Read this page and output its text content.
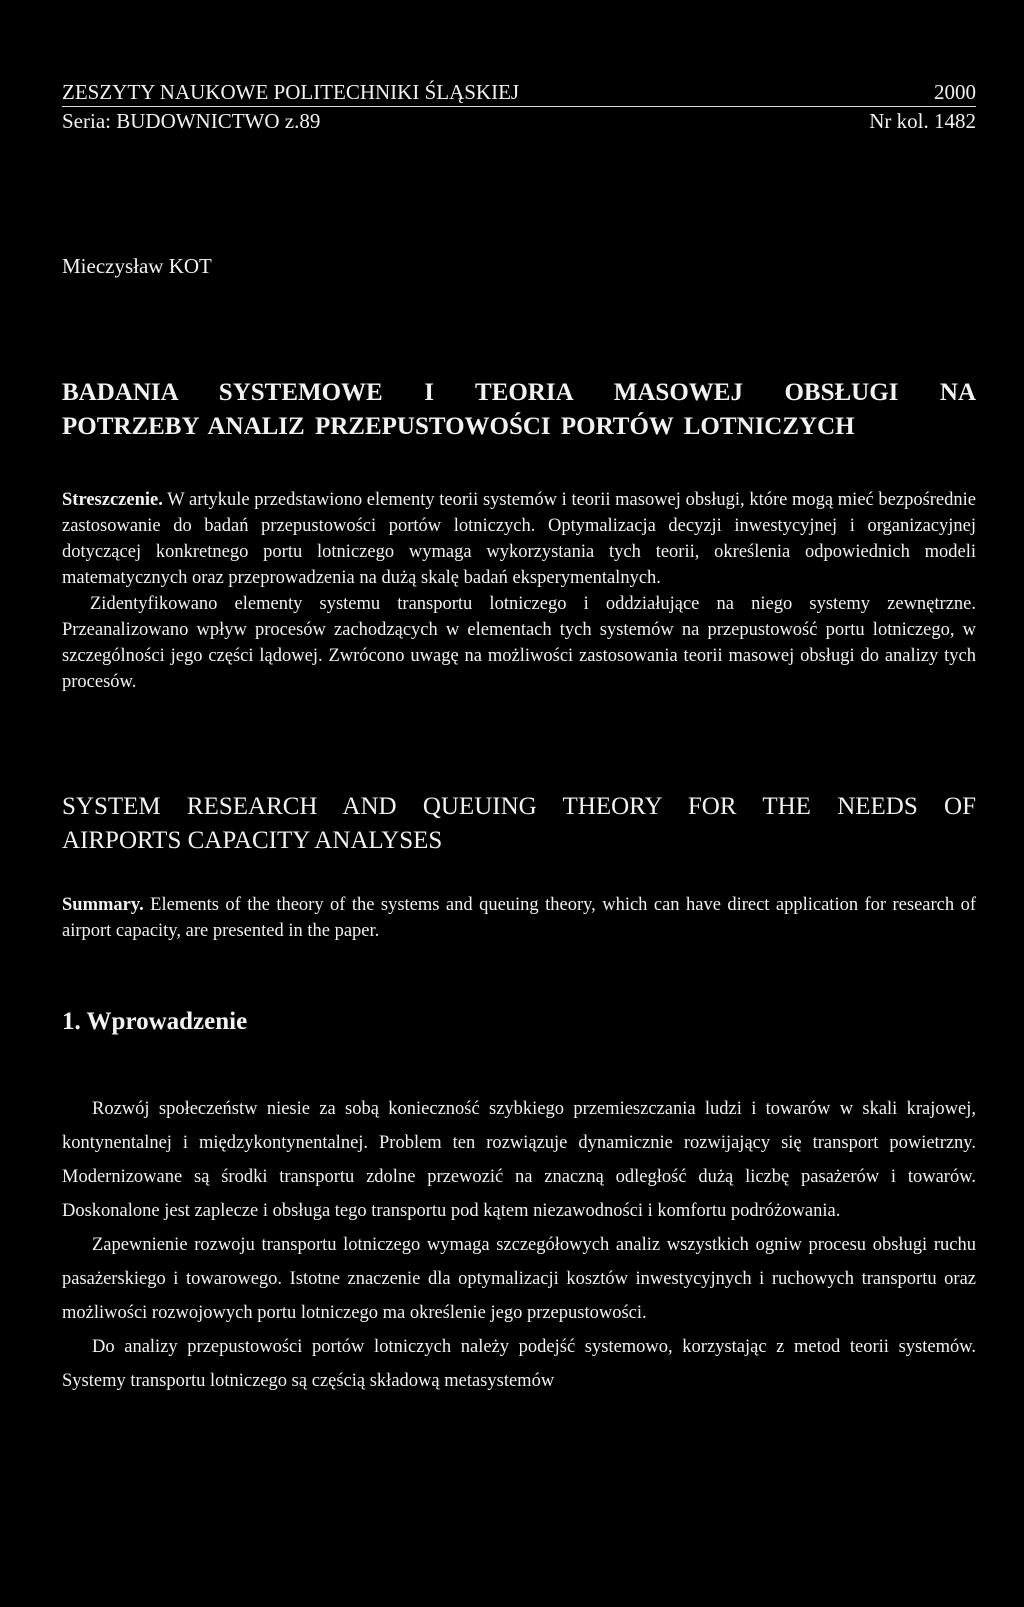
ZESZYTY NAUKOWE POLITECHNIKI ŚLĄSKIEJ	2000
Seria: BUDOWNICTWO z.89	Nr kol. 1482
Mieczysław KOT
BADANIA SYSTEMOWE I TEORIA MASOWEJ OBSŁUGI NA
POTRZEBY ANALIZ PRZEPUSTOWOŚCI PORTÓW LOTNICZYCH

Streszczenie. W artykule przedstawiono elementy teorii systemów i teorii masowej obsługi, które mogą mieć bezpośrednie zastosowanie do badań przepustowości portów lotniczych. Optymalizacja decyzji inwestycyjnej i organizacyjnej dotyczącej konkretnego portu lotniczego wymaga wykorzystania tych teorii, określenia odpowiednich modeli matematycznych oraz przeprowadzenia na dużą skalę badań eksperymentalnych.

Zidentyfikowano elementy systemu transportu lotniczego i oddziałujące na niego systemy zewnętrzne. Przeanalizowano wpływ procesów zachodzących w elementach tych systemów na przepustowość portu lotniczego, w szczególności jego części lądowej. Zwrócono uwagę na możliwości zastosowania teorii masowej obsługi do analizy tych procesów.

SYSTEM RESEARCH AND QUEUING THEORY FOR THE NEEDS OF
AIRPORTS CAPACITY ANALYSES

Summary. Elements of the theory of the systems and queuing theory, which can have direct application for research of airport capacity, are presented in the paper.

1. Wprowadzenie

Rozwój społeczeństw niesie za sobą konieczność szybkiego przemieszczania ludzi i towarów w skali krajowej, kontynentalnej i międzykontynentalnej. Problem ten rozwiązuje dynamicznie rozwijający się transport powietrzny. Modernizowane są środki transportu zdolne przewozić na znaczną odległość dużą liczbę pasażerów i towarów. Doskonalone jest zaplecze i obsługa tego transportu pod kątem niezawodności i komfortu podróżowania.

Zapewnienie rozwoju transportu lotniczego wymaga szczegółowych analiz wszystkich ogniw procesu obsługi ruchu pasażerskiego i towarowego. Istotne znaczenie dla optymalizacji kosztów inwestycyjnych i ruchowych transportu oraz możliwości rozwojowych portu lotniczego ma określenie jego przepustowości.

Do analizy przepustowości portów lotniczych należy podejść systemowo, korzystając z metod teorii systemów. Systemy transportu lotniczego są częścią składową metasystemów
